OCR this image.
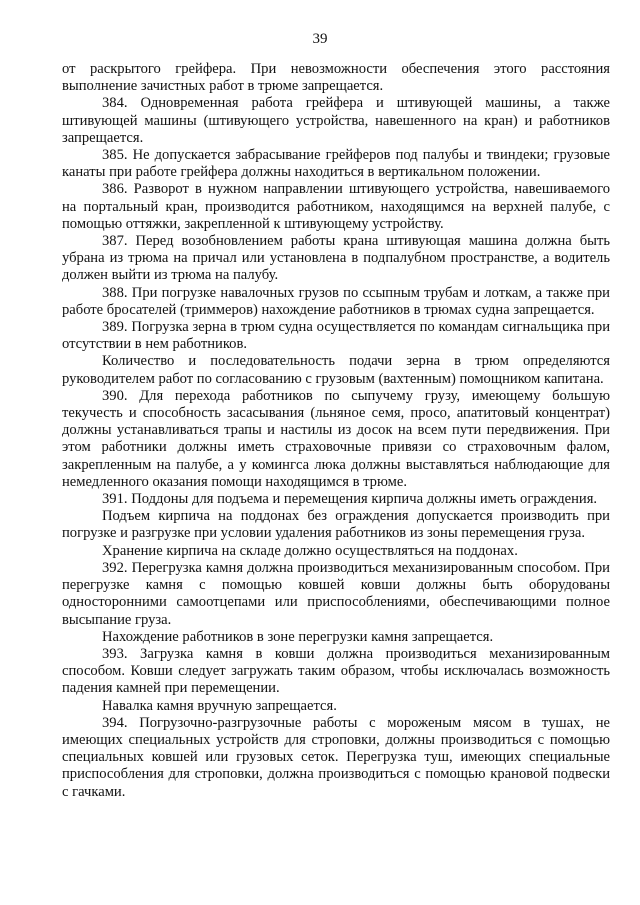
39

от раскрытого грейфера. При невозможности обеспечения этого расстояния выполнение зачистных работ в трюме запрещается.

384. Одновременная работа грейфера и штивующей машины, а также штивующей машины (штивующего устройства, навешенного на кран) и работников запрещается.

385. Не допускается забрасывание грейферов под палубы и твиндеки; грузовые канаты при работе грейфера должны находиться в вертикальном положении.

386. Разворот в нужном направлении штивующего устройства, навешиваемого на портальный кран, производится работником, находящимся на верхней палубе, с помощью оттяжки, закрепленной к штивующему устройству.

387. Перед возобновлением работы крана штивующая машина должна быть убрана из трюма на причал или установлена в подпалубном пространстве, а водитель должен выйти из трюма на палубу.

388. При погрузке навалочных грузов по ссыпным трубам и лоткам, а также при работе бросателей (триммеров) нахождение работников в трюмах судна запрещается.

389. Погрузка зерна в трюм судна осуществляется по командам сигнальщика при отсутствии в нем работников.

Количество и последовательность подачи зерна в трюм определяются руководителем работ по согласованию с грузовым (вахтенным) помощником капитана.

390. Для перехода работников по сыпучему грузу, имеющему большую текучесть и способность засасывания (льняное семя, просо, апатитовый концентрат) должны устанавливаться трапы и настилы из досок на всем пути передвижения. При этом работники должны иметь страховочные привязи со страховочным фалом, закрепленным на палубе, а у комингса люка должны выставляться наблюдающие для немедленного оказания помощи находящимся в трюме.

391. Поддоны для подъема и перемещения кирпича должны иметь ограждения.

Подъем кирпича на поддонах без ограждения допускается производить при погрузке и разгрузке при условии удаления работников из зоны перемещения груза.

Хранение кирпича на складе должно осуществляться на поддонах.

392. Перегрузка камня должна производиться механизированным способом. При перегрузке камня с помощью ковшей ковши должны быть оборудованы односторонними самоотцепами или приспособлениями, обеспечивающими полное высыпание груза.

Нахождение работников в зоне перегрузки камня запрещается.

393. Загрузка камня в ковши должна производиться механизированным способом. Ковши следует загружать таким образом, чтобы исключалась возможность падения камней при перемещении.

Навалка камня вручную запрещается.

394. Погрузочно-разгрузочные работы с мороженым мясом в тушах, не имеющих специальных устройств для строповки, должны производиться с помощью специальных ковшей или грузовых сеток. Перегрузка туш, имеющих специальные приспособления для строповки, должна производиться с помощью крановой подвески с гачками.
